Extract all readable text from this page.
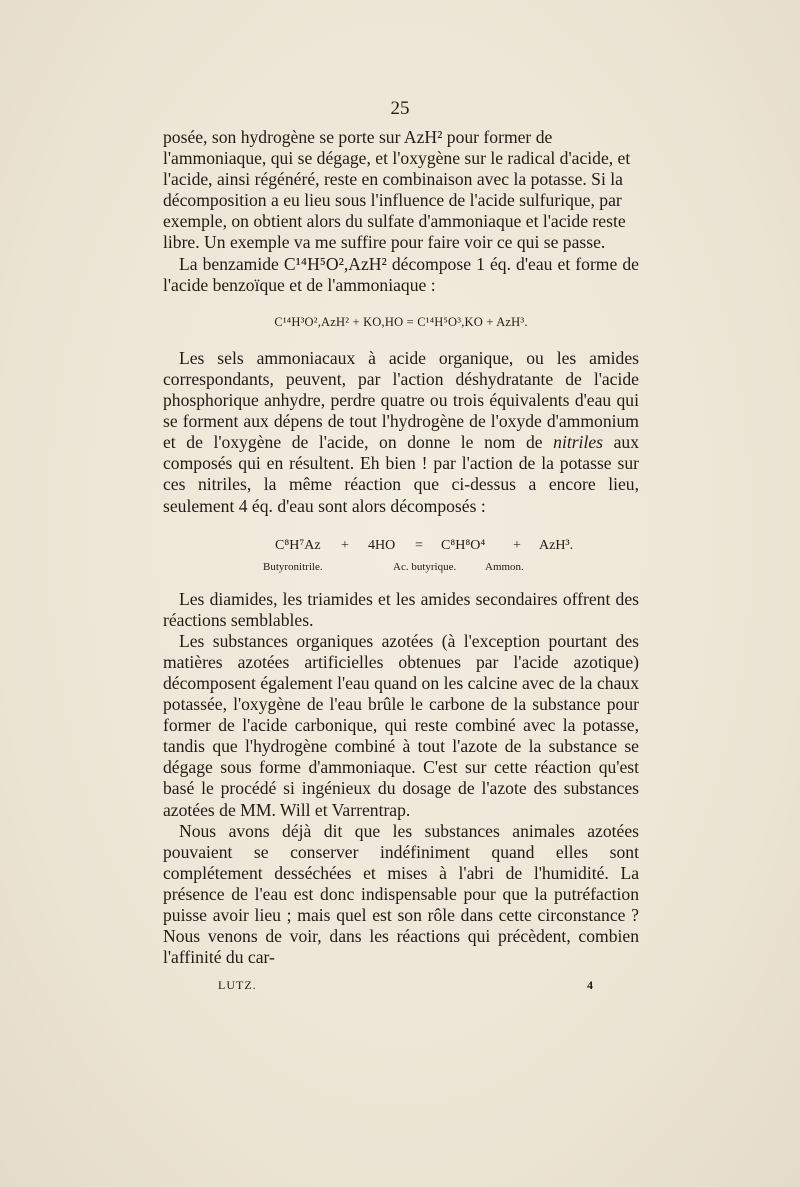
25

posée, son hydrogène se porte sur AzH² pour former de l'ammoniaque, qui se dégage, et l'oxygène sur le radical d'acide, et l'acide, ainsi régénéré, reste en combinaison avec la potasse. Si la décomposition a eu lieu sous l'influence de l'acide sulfurique, par exemple, on obtient alors du sulfate d'ammoniaque et l'acide reste libre. Un exemple va me suffire pour faire voir ce qui se passe.

La benzamide C¹⁴H⁵O²,AzH² décompose 1 éq. d'eau et forme de l'acide benzoïque et de l'ammoniaque :

C¹⁴H³O²,AzH² + KO,HO = C¹⁴H⁵O³,KO + AzH³.

Les sels ammoniacaux à acide organique, ou les amides correspondants, peuvent, par l'action déshydratante de l'acide phosphorique anhydre, perdre quatre ou trois équivalents d'eau qui se forment aux dépens de tout l'hydrogène de l'oxyde d'ammonium et de l'oxygène de l'acide, on donne le nom de nitriles aux composés qui en résultent. Eh bien ! par l'action de la potasse sur ces nitriles, la même réaction que ci-dessus a encore lieu, seulement 4 éq. d'eau sont alors décomposés :

C⁸H⁷Az + 4HO = C⁸H⁸O⁴ + AzH³.
Butyronitrile.	Ac. butyrique.	Ammon.

Les diamides, les triamides et les amides secondaires offrent des réactions semblables.

Les substances organiques azotées (à l'exception pourtant des matières azotées artificielles obtenues par l'acide azotique) décomposent également l'eau quand on les calcine avec de la chaux potassée, l'oxygène de l'eau brûle le carbone de la substance pour former de l'acide carbonique, qui reste combiné avec la potasse, tandis que l'hydrogène combiné à tout l'azote de la substance se dégage sous forme d'ammoniaque. C'est sur cette réaction qu'est basé le procédé si ingénieux du dosage de l'azote des substances azotées de MM. Will et Varrentrap.

Nous avons déjà dit que les substances animales azotées pouvaient se conserver indéfiniment quand elles sont complétement desséchées et mises à l'abri de l'humidité. La présence de l'eau est donc indispensable pour que la putréfaction puisse avoir lieu ; mais quel est son rôle dans cette circonstance ? Nous venons de voir, dans les réactions qui précèdent, combien l'affinité du car-

LUTZ.	4
